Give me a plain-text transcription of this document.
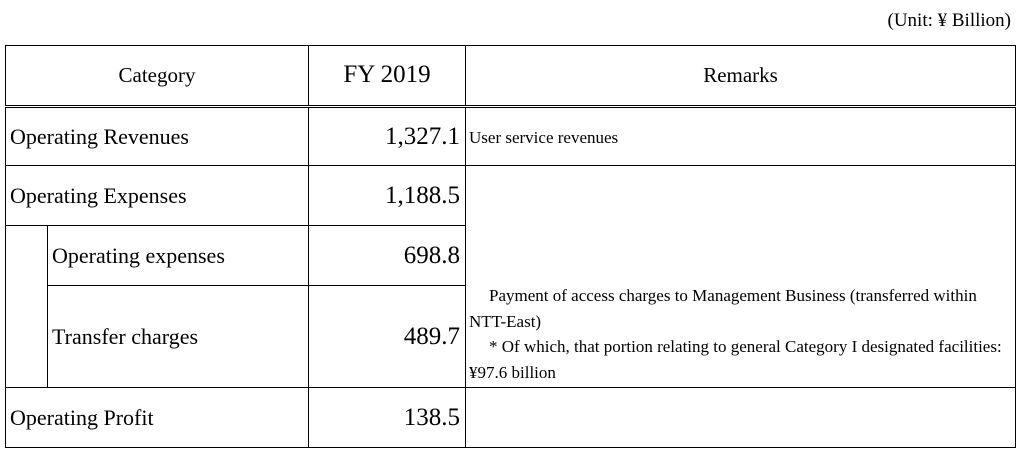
(Unit: ¥ Billion)
Category		FY 2019	Remarks
Operating Revenues		1,327.1	User service revenues
Operating Expenses		1,188.5	Payment of access charges to Management Business (transferred within NTT-East)

* Of which, that portion relating to general Category I designated facilities: ¥97.6 billion

	Operating expenses	698.8	
	Transfer charges	489.7	
Operating Profit		138.5	
